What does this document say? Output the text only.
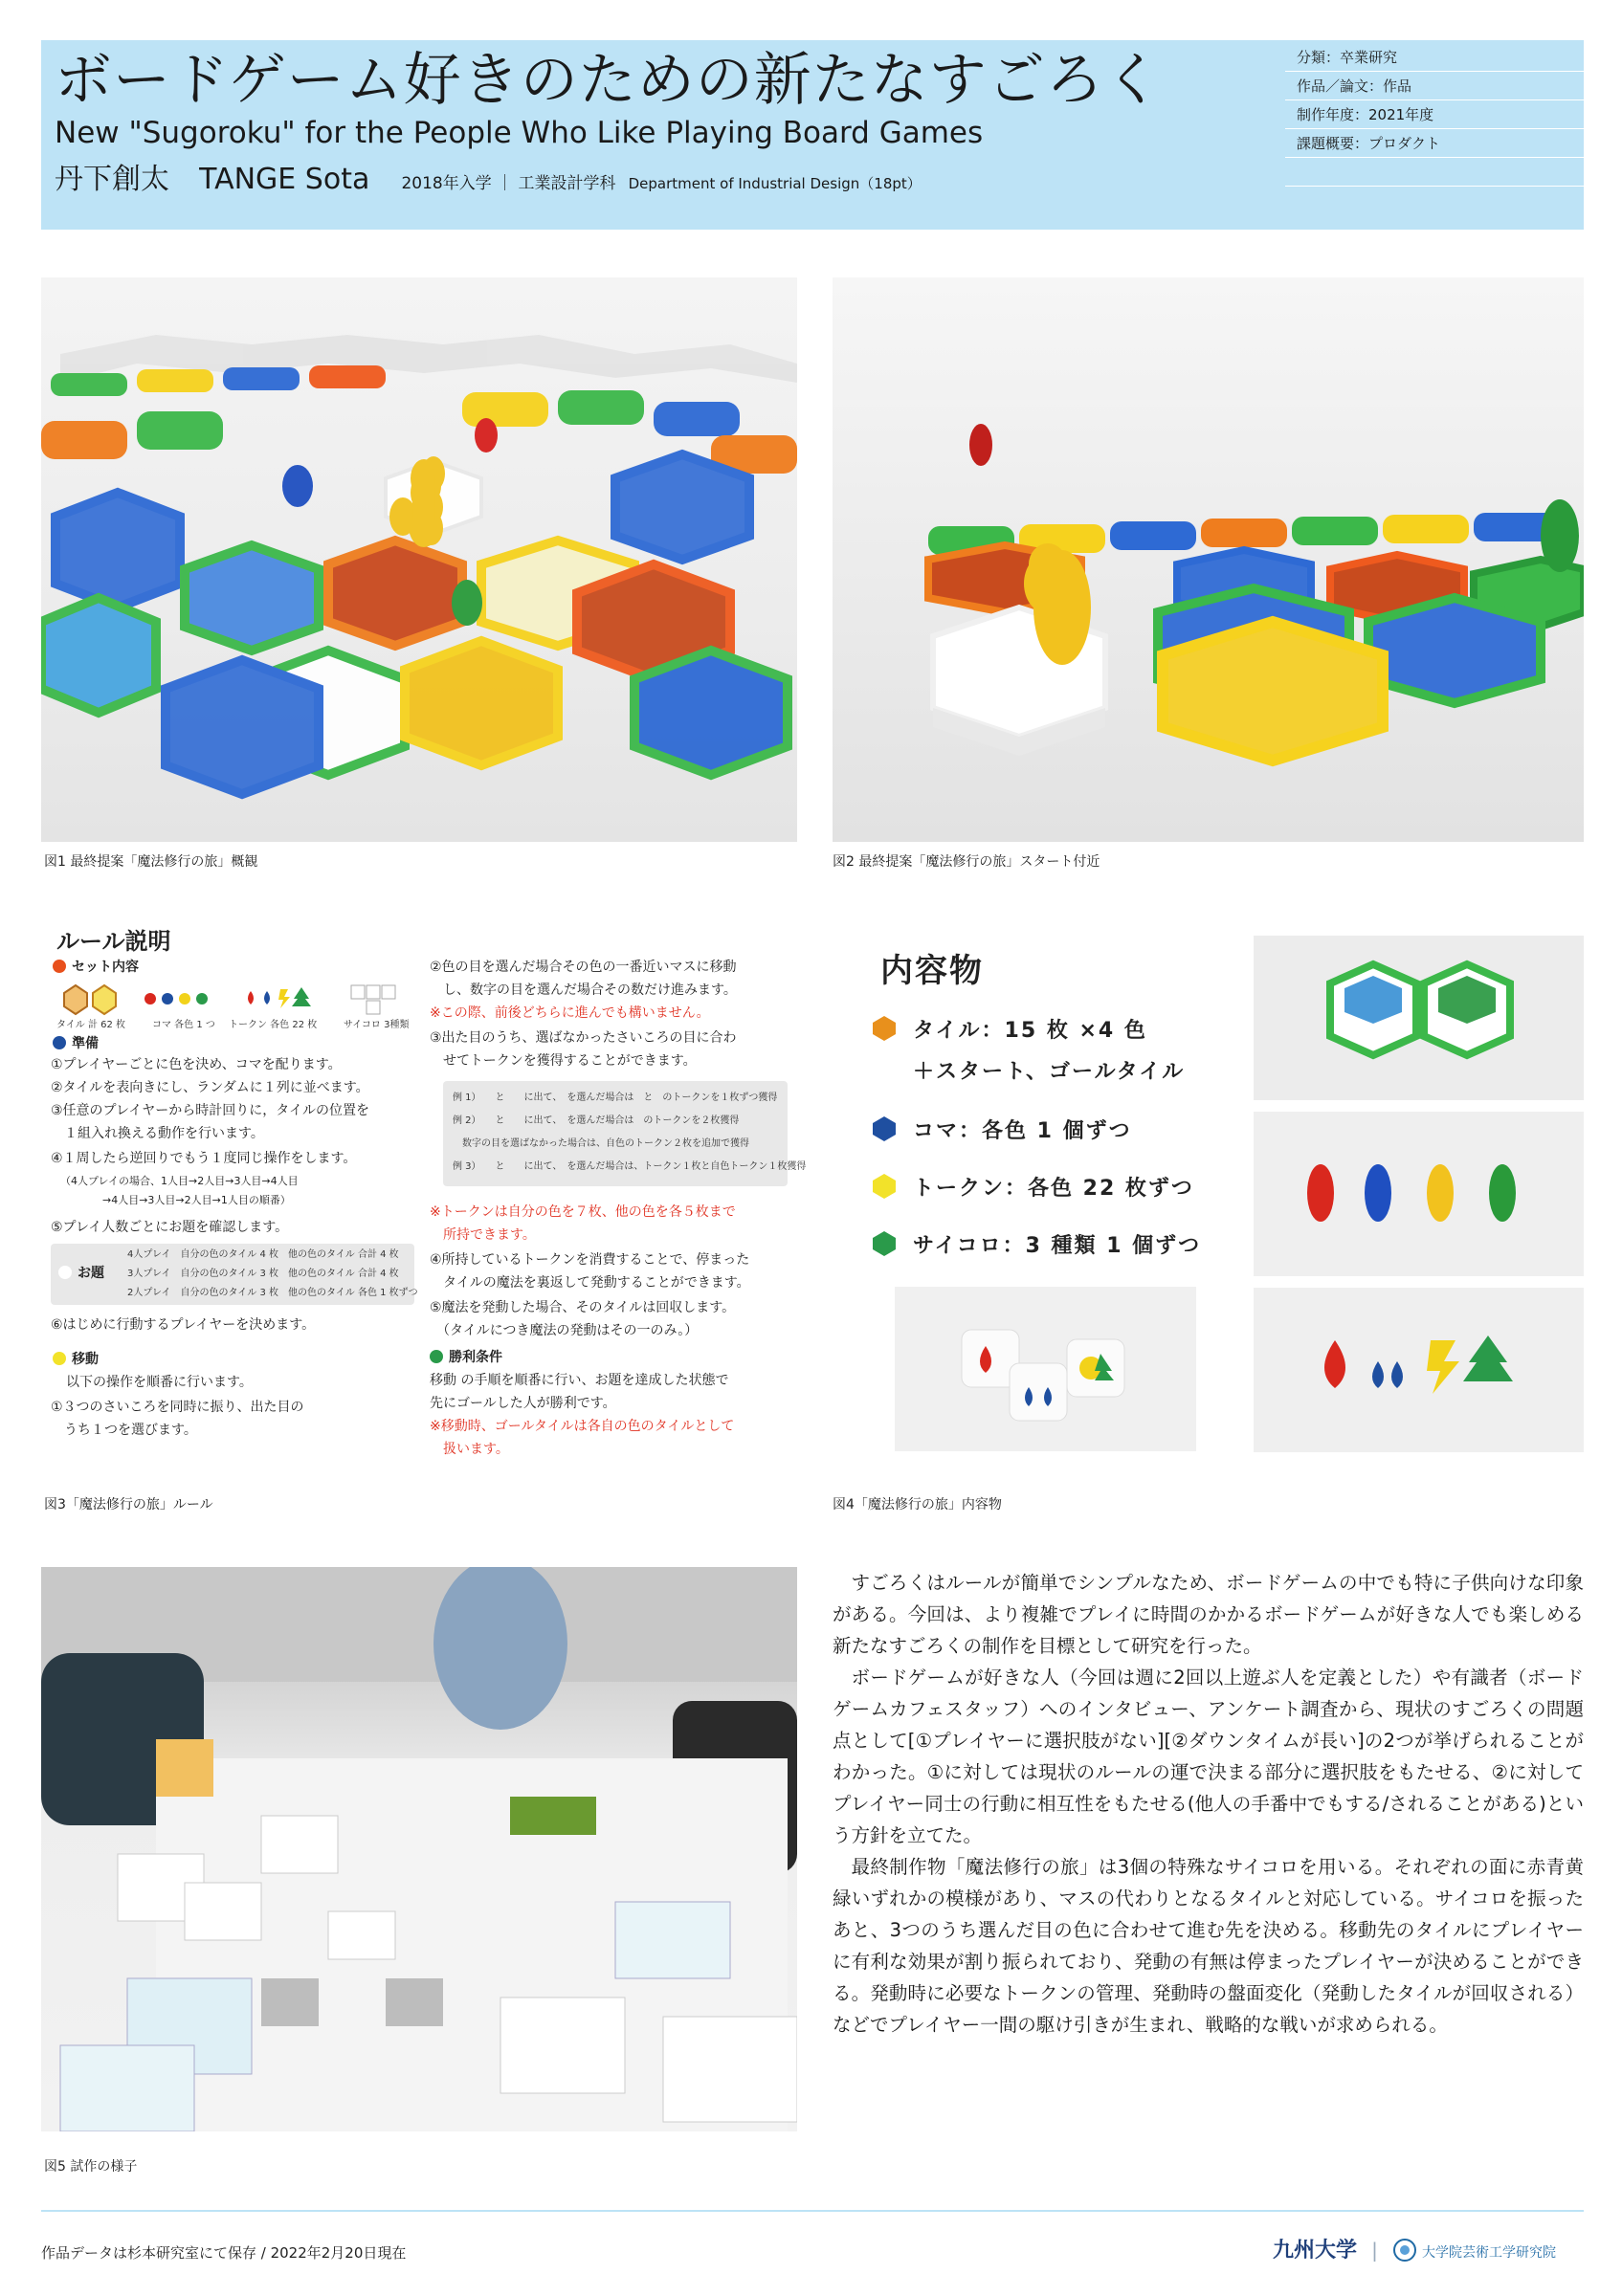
ボードゲーム好きのための新たなすごろく
New "Sugoroku" for the People Who Like Playing Board Games
丹下創太 TANGE Sota 2018年入学 ｜ 工業設計学科 Department of Industrial Design（18pt）
分類：卒業研究
作品／論文：作品
制作年度：2021年度
課題概要：プロダクト
図1 最終提案「魔法修行の旅」概観	図2 最終提案「魔法修行の旅」スタート付近
ルール説明
セット内容
タイル 計 62 枚	コマ 各色 1 つ トークン 各色 22 枚	サイコロ 3種類
準備
①プレイヤーごとに色を決め、コマを配ります。
②タイルを表向きにし、ランダムに１列に並べます。
③任意のプレイヤーから時計回りに，タイルの位置を
　１組入れ換える動作を行います。
④１周したら逆回りでもう１度同じ操作をします。
（4人プレイの場合、1人目→2人目→3人目→4人目
　　　　→4人目→3人目→2人目→1人目の順番）
⑤プレイ人数ごとにお題を確認します。
お題
4人プレイ　自分の色のタイル 4 枚　他の色のタイル 合計 4 枚
3人プレイ　自分の色のタイル 3 枚　他の色のタイル 合計 4 枚
2人プレイ　自分の色のタイル 3 枚　他の色のタイル 各色 1 枚ずつ
⑥はじめに行動するプレイヤーを決めます。
移動
以下の操作を順番に行います。
①３つのさいころを同時に振り、出た目の
　うち１つを選びます。
②色の目を選んだ場合その色の一番近いマスに移動
　し、数字の目を選んだ場合その数だけ進みます。
※この際、前後どちらに進んでも構いません。
③出た目のうち、選ばなかったさいころの目に合わ
　せてトークンを獲得することができます。
例 1）　　と　　に出て、　を選んだ場合は　と　のトークンを１枚ずつ獲得
例 2）　　と　　に出て、　を選んだ場合は　のトークンを２枚獲得
　数字の目を選ばなかった場合は、自色のトークン２枚を追加で獲得
例 3）　　と　　に出て、　を選んだ場合は、トークン１枚と自色トークン１枚獲得
※トークンは自分の色を７枚、他の色を各５枚まで
　所持できます。
④所持しているトークンを消費することで、停まった
　タイルの魔法を裏返して発動することができます。
⑤魔法を発動した場合、そのタイルは回収します。
　（タイルにつき魔法の発動はその一のみ。）
勝利条件
移動 の手順を順番に行い、お題を達成した状態で
先にゴールした人が勝利です。
※移動時、ゴールタイルは各自の色のタイルとして
　扱います。
図3「魔法修行の旅」ルール
内容物
タイル：15 枚 ×4 色
＋スタート、ゴールタイル
コマ：各色 1 個ずつ
トークン：各色 22 枚ずつ
サイコロ：3 種類 1 個ずつ
図4「魔法修行の旅」内容物
図5 試作の様子

すごろくはルールが簡単でシンプルなため、ボードゲームの中でも特に子供向けな印象がある。今回は、より複雑でプレイに時間のかかるボードゲームが好きな人でも楽しめる新たなすごろくの制作を目標として研究を行った。

ボードゲームが好きな人（今回は週に2回以上遊ぶ人を定義とした）や有識者（ボードゲームカフェスタッフ）へのインタビュー、アンケート調査から、現状のすごろくの問題点として[①プレイヤーに選択肢がない][②ダウンタイムが長い]の2つが挙げられることがわかった。①に対しては現状のルールの運で決まる部分に選択肢をもたせる、②に対してプレイヤー同士の行動に相互性をもたせる(他人の手番中でもする/されることがある)という方針を立てた。

最終制作物「魔法修行の旅」は3個の特殊なサイコロを用いる。それぞれの面に赤青黄緑いずれかの模様があり、マスの代わりとなるタイルと対応している。サイコロを振ったあと、3つのうち選んだ目の色に合わせて進む先を決める。移動先のタイルにプレイヤーに有利な効果が割り振られており、発動の有無は停まったプレイヤーが決めることができる。発動時に必要なトークンの管理、発動時の盤面変化（発動したタイルが回収される）などでプレイヤー一間の駆け引きが生まれ、戦略的な戦いが求められる。

作品データは杉本研究室にて保存 / 2022年2月20日現在	九州大学 |	大学院芸術工学研究院
